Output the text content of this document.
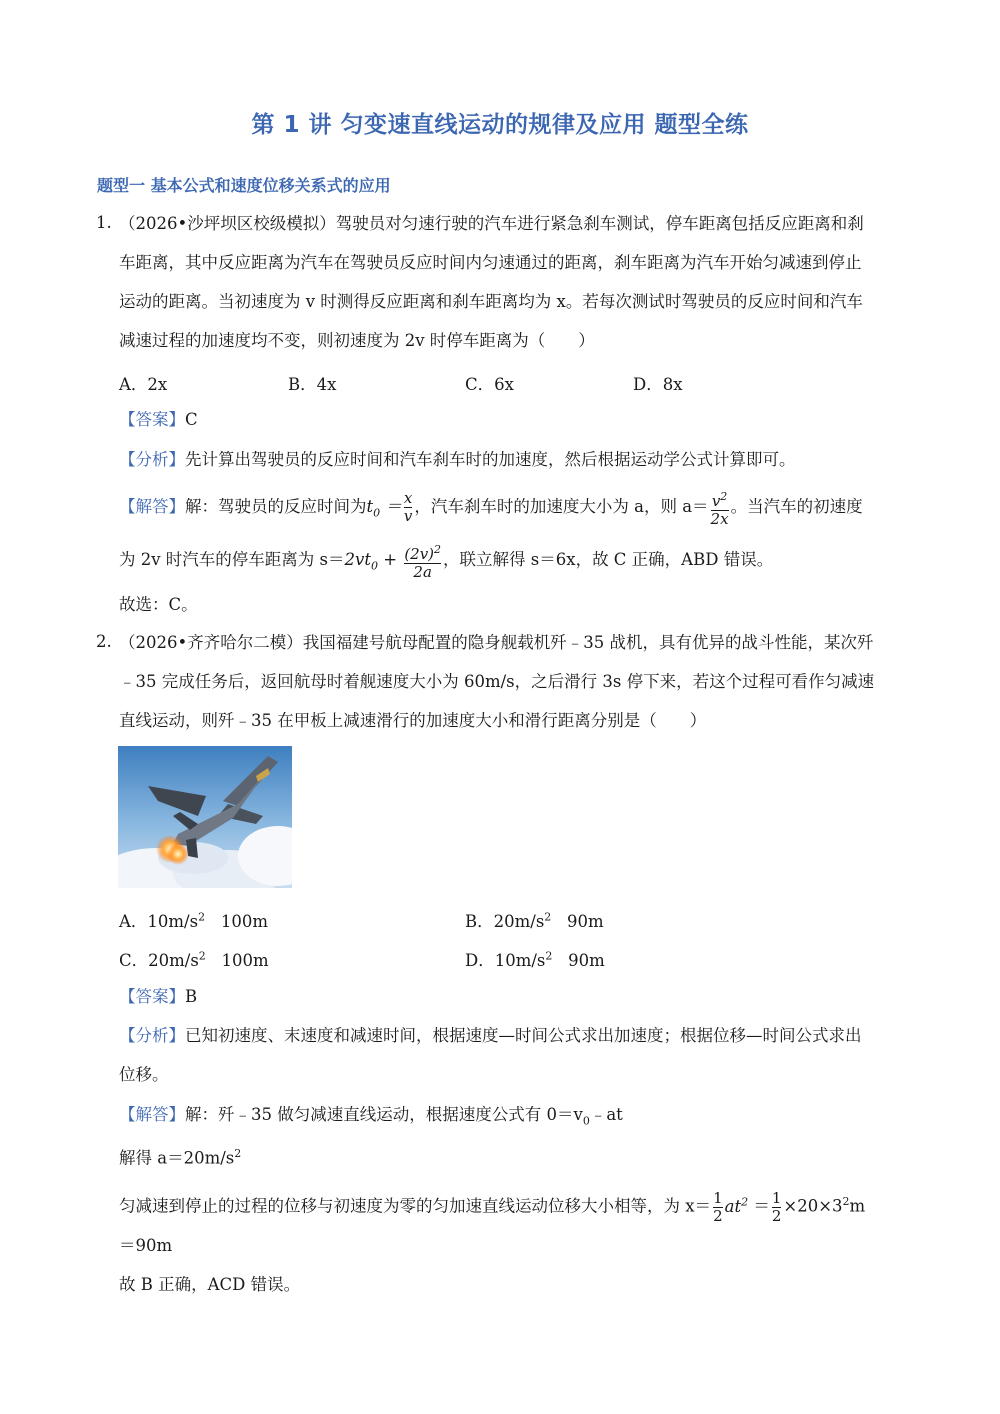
第 1 讲 匀变速直线运动的规律及应用 题型全练
题型一 基本公式和速度位移关系式的应用
1. （2026•沙坪坝区校级模拟）驾驶员对匀速行驶的汽车进行紧急刹车测试，停车距离包括反应距离和刹
车距离，其中反应距离为汽车在驾驶员反应时间内匀速通过的距离，刹车距离为汽车开始匀减速到停止
运动的距离。当初速度为 v 时测得反应距离和刹车距离均为 x。若每次测试时驾驶员的反应时间和汽车
减速过程的加速度均不变，则初速度为 2v 时停车距离为（　　）
A．2x	B．4x	C．6x	D．8x
【答案】C
【分析】先计算出驾驶员的反应时间和汽车刹车时的加速度，然后根据运动学公式计算即可。
【解答】解：驾驶员的反应时间为$t_0 = \frac{x}{v}$ ，汽车刹车时的加速度大小为 a，则 $a= \frac{v^2}{2x}$ 。当汽车的初速度
为 2v 时汽车的停车距离为 $s=2vt_0 + \frac{(2v)^2}{2a}$ ，联立解得 s＝6x，故 C 正确，ABD 错误。
故选：C。
2. （2026•齐齐哈尔二模）我国福建号航母配置的隐身舰载机歼﹣35 战机，具有优异的战斗性能，某次歼
﹣35 完成任务后，返回航母时着舰速度大小为 60m/s，之后滑行 3s 停下来，若这个过程可看作匀减速
直线运动，则歼﹣35 在甲板上减速滑行的加速度大小和滑行距离分别是（　　）
A．$10m/s^2$ 100m	B．$20m/s^2$ 90m
C．$20m/s^2$ 100m	D．$10m/s^2$ 90m
【答案】B
【分析】已知初速度、末速度和减速时间，根据速度—时间公式求出加速度；根据位移—时间公式求出
位移。
【解答】解：歼﹣35 做匀减速直线运动，根据速度公式有 $0=v_0﹣at$
解得 $a=20m/s^2$
匀减速到停止的过程的位移与初速度为零的匀加速直线运动位移大小相等，为 $x= \frac{1}{2} at^2 = \frac{1}{2} \times 20\times 3^2m$
＝90m
故 B 正确，ACD 错误。
